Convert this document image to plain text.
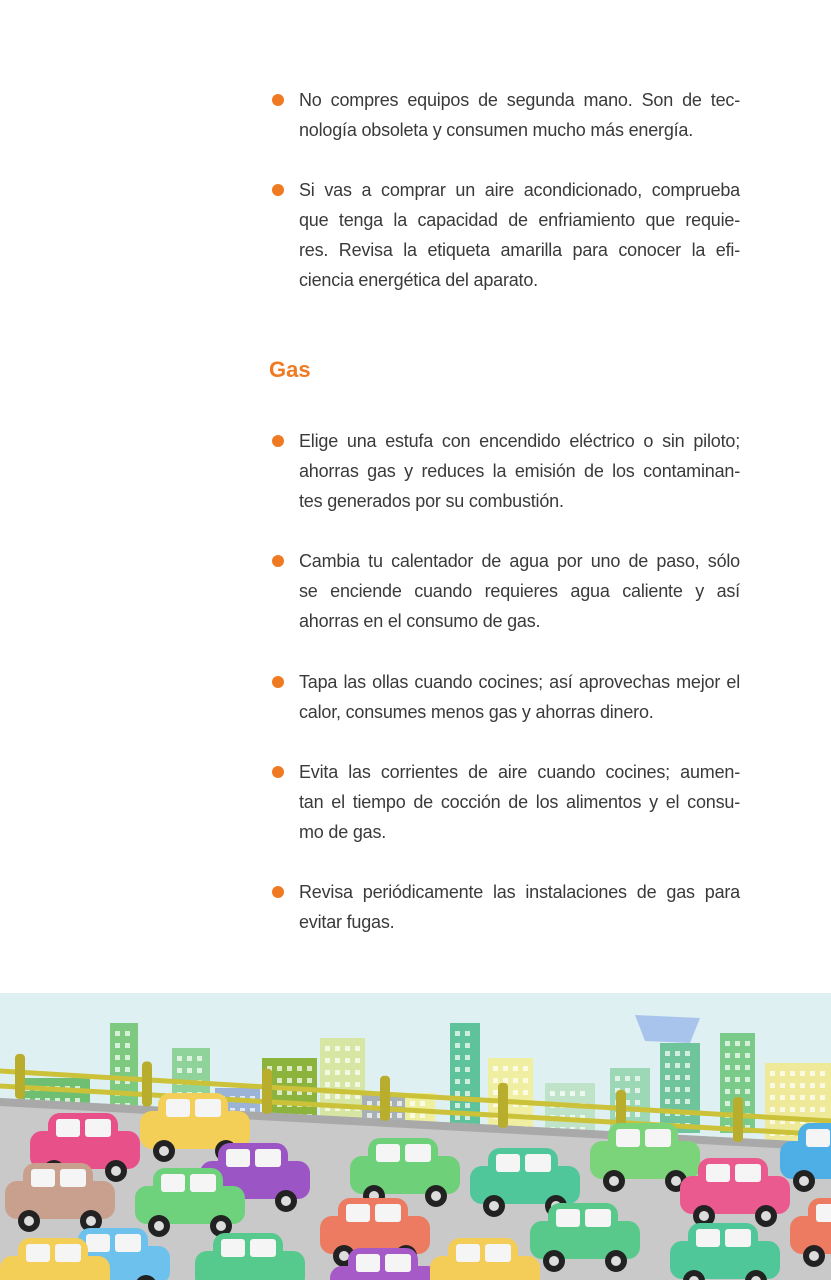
No compres equipos de segunda mano. Son de tec-
nología obsoleta y consumen mucho más energía.
Si vas a comprar un aire acondicionado, comprueba
que tenga la capacidad de enfriamiento que requie-
res. Revisa la etiqueta amarilla para conocer la efi-
ciencia energética del aparato.
Elige una estufa con encendido eléctrico o sin piloto;
ahorras gas y reduces la emisión de los contaminan-
tes generados por su combustión.
Cambia tu calentador de agua por uno de paso, sólo
se enciende cuando requieres agua caliente y así
ahorras en el consumo de gas.
Tapa las ollas cuando cocines; así aprovechas mejor el
calor, consumes menos gas y ahorras dinero.
Evita las corrientes de aire cuando cocines; aumen-
tan el tiempo de cocción de los alimentos y el consu-
mo de gas.
Revisa periódicamente las instalaciones de gas para
evitar fugas.
Gas
